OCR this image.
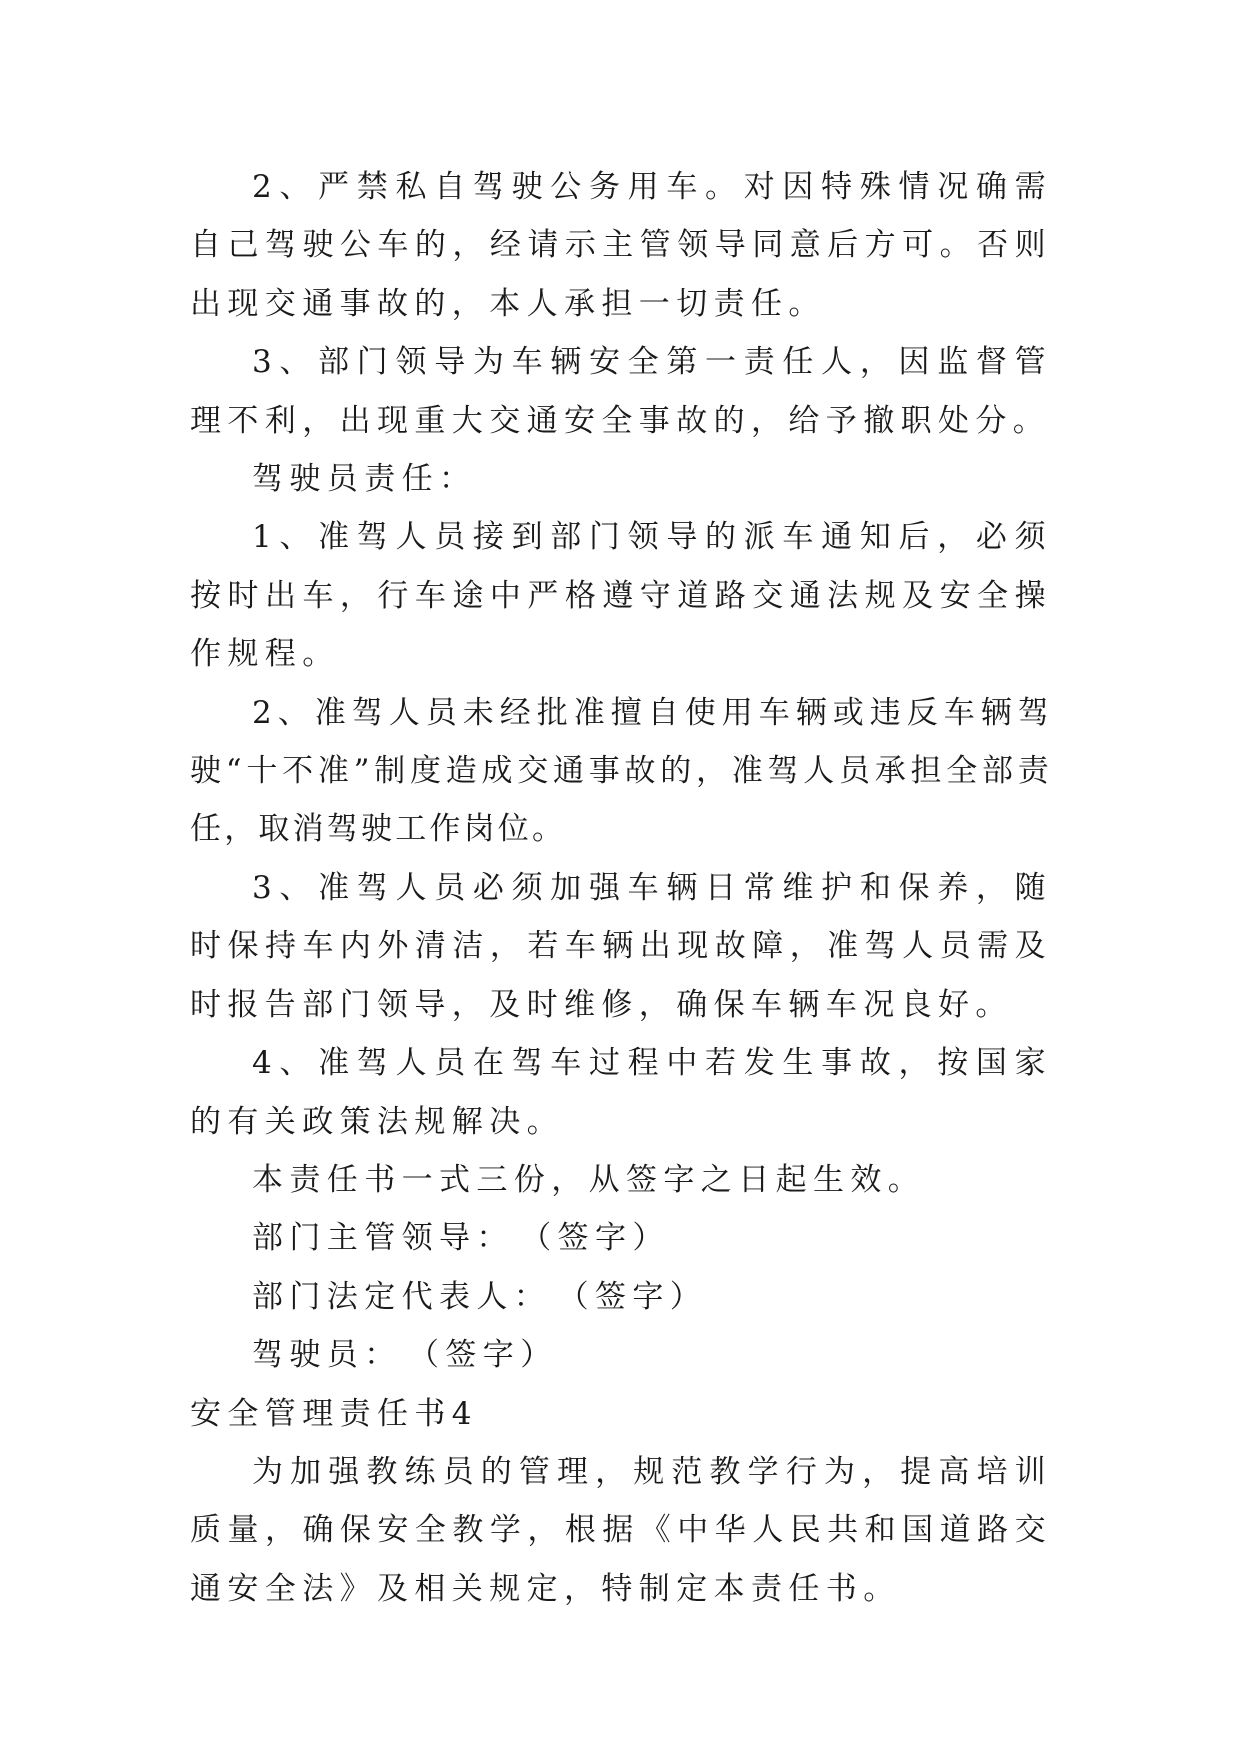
2、严禁私自驾驶公务用车。对因特殊情况确需自己驾驶公车的，经请示主管领导同意后方可。否则出现交通事故的，本人承担一切责任。

3、部门领导为车辆安全第一责任人，因监督管理不利，出现重大交通安全事故的，给予撤职处分。

驾驶员责任：

1、准驾人员接到部门领导的派车通知后，必须按时出车，行车途中严格遵守道路交通法规及安全操作规程。

2、准驾人员未经批准擅自使用车辆或违反车辆驾驶“十不准”制度造成交通事故的，准驾人员承担全部责任，取消驾驶工作岗位。

3、准驾人员必须加强车辆日常维护和保养，随时保持车内外清洁，若车辆出现故障，准驾人员需及时报告部门领导，及时维修，确保车辆车况良好。

4、准驾人员在驾车过程中若发生事故，按国家的有关政策法规解决。

本责任书一式三份，从签字之日起生效。

部门主管领导：　（签字）

部门法定代表人：　（签字）

驾驶员：　（签字）

安全管理责任书4

为加强教练员的管理，规范教学行为，提高培训质量，确保安全教学，根据《中华人民共和国道路交通安全法》及相关规定，特制定本责任书。
